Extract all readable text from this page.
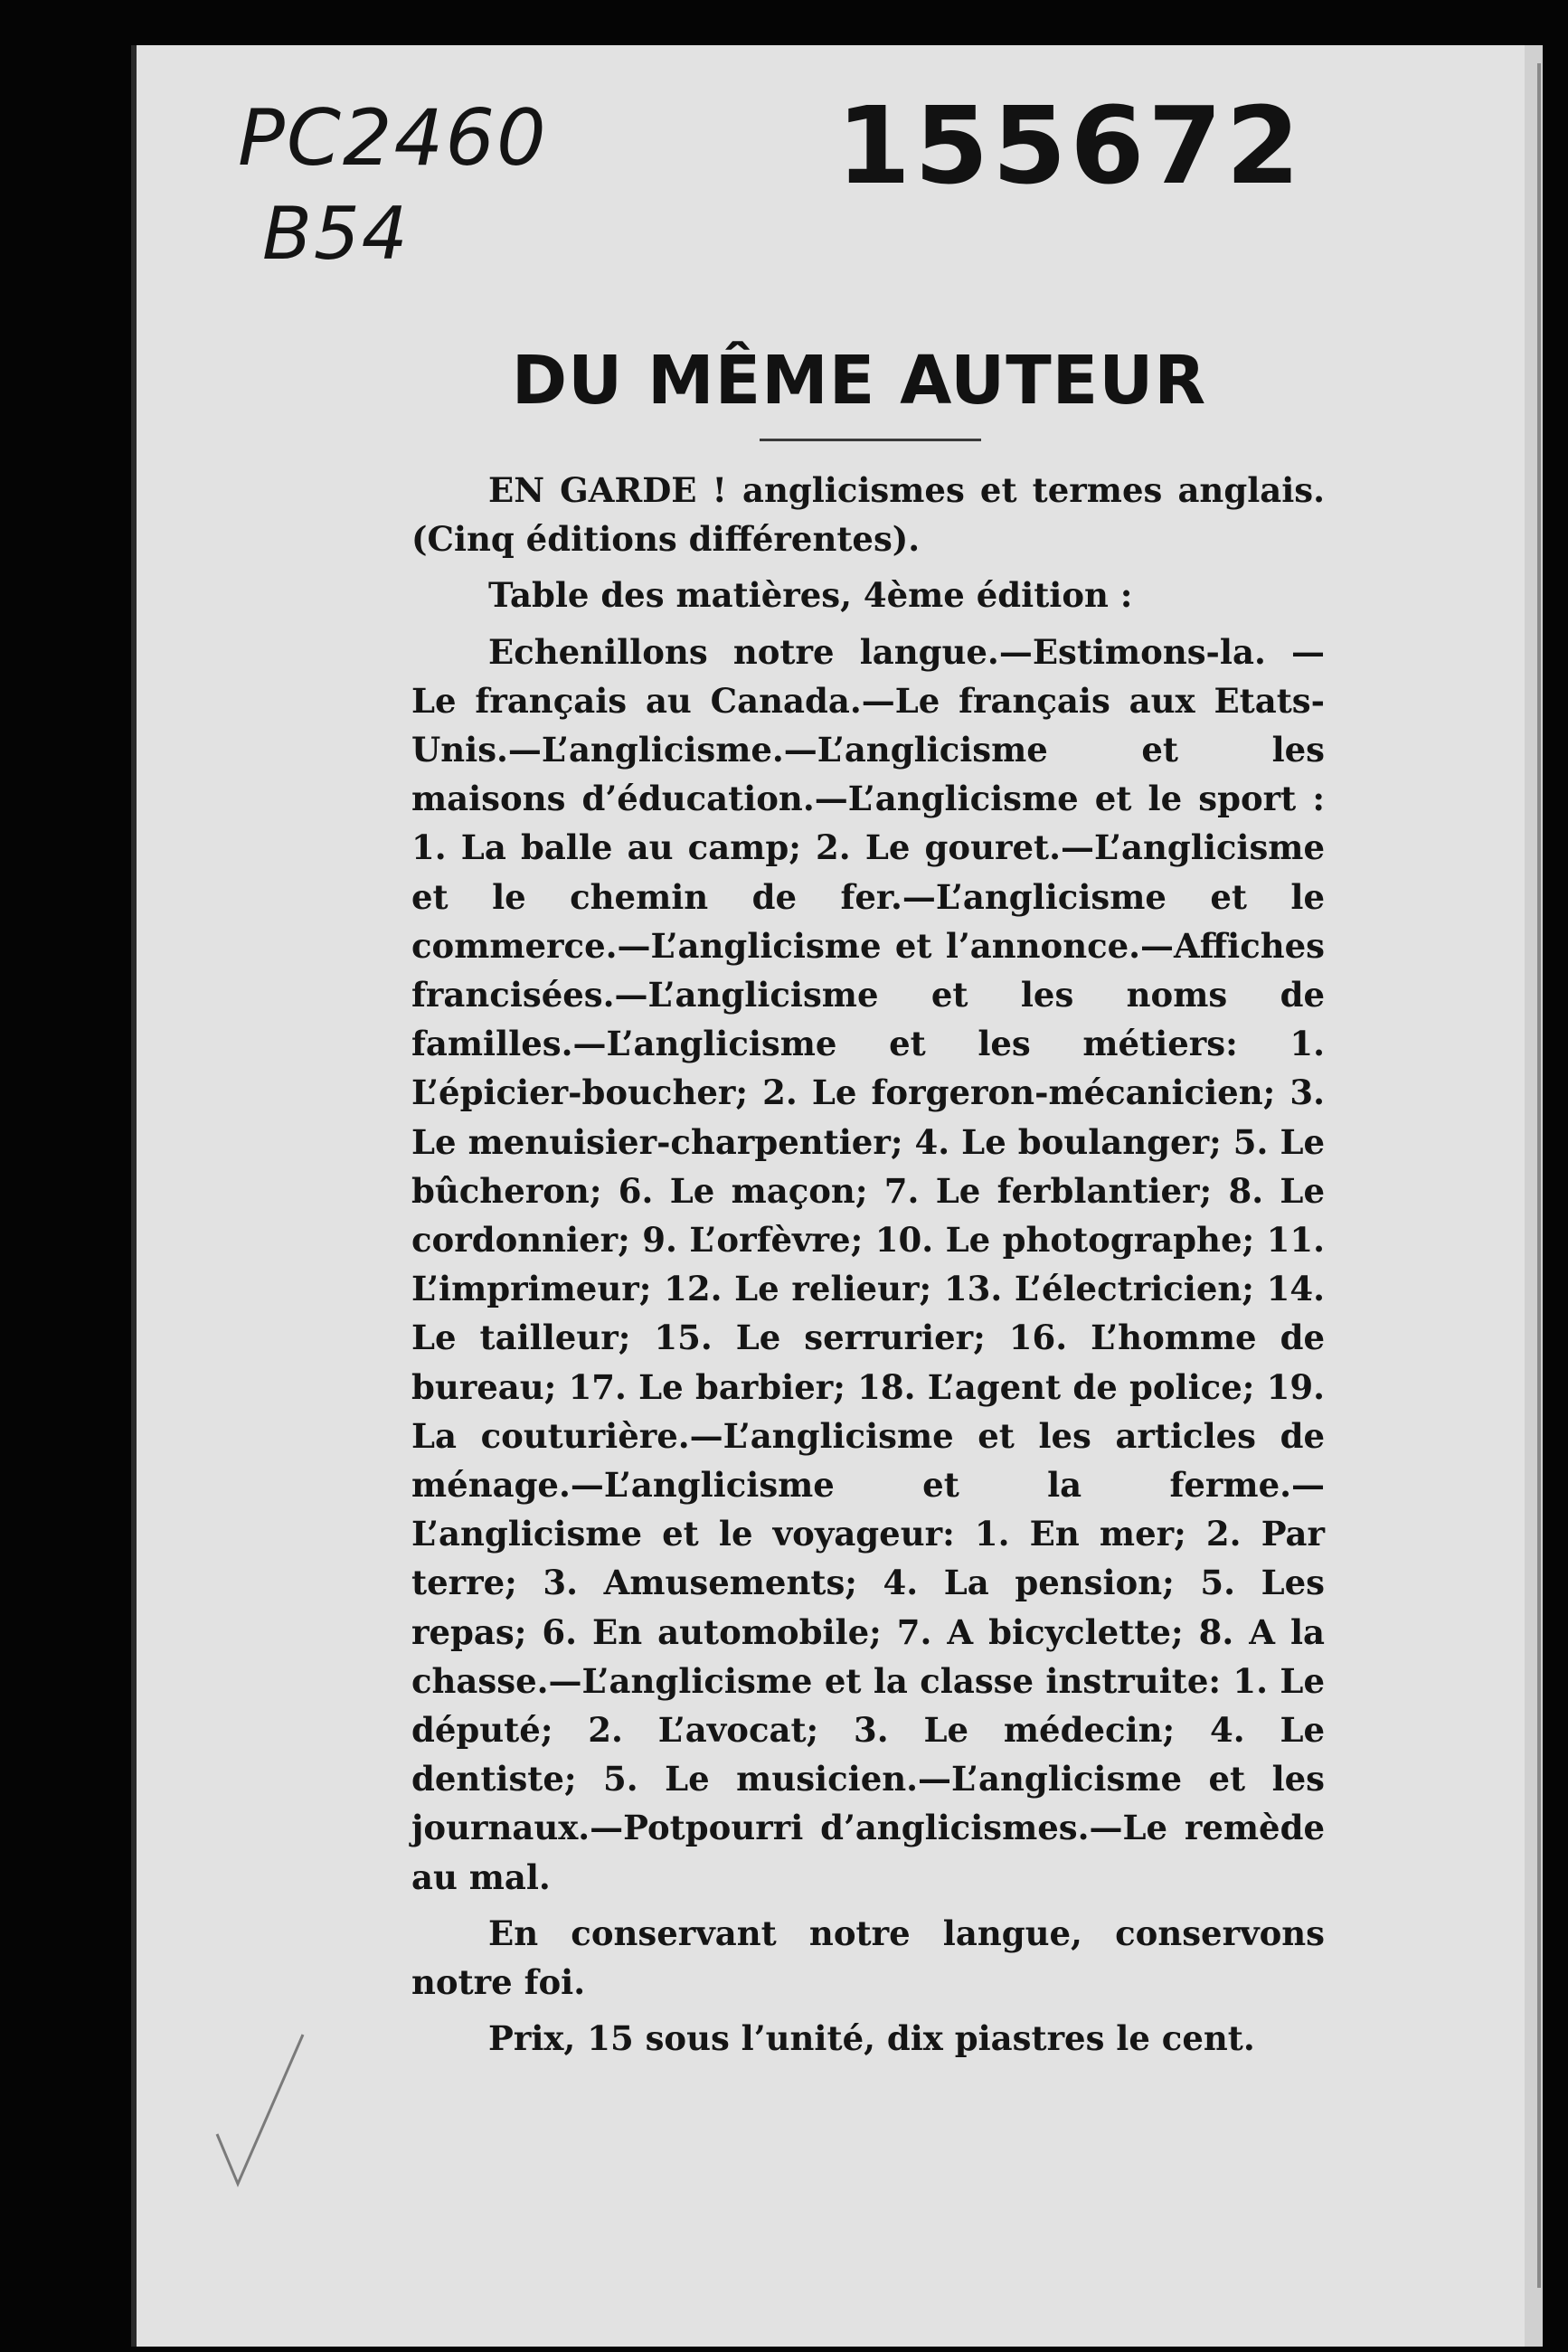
PC2460
B54
155672
DU MÊME AUTEUR

EN GARDE ! anglicismes et termes anglais. (Cinq éditions différentes).

Table des matières, 4ème édition :

Echenillons notre langue.—Estimons-la. —Le français au Canada.—Le français aux Etats-Unis.—L’anglicisme.—L’anglicisme et les maisons d’éducation.—L’anglicisme et le sport : 1. La balle au camp; 2. Le gouret.—L’anglicisme et le chemin de fer.—L’anglicisme et le commerce.—L’anglicisme et l’annonce.—Affiches francisées.—L’anglicisme et les noms de familles.—L’anglicisme et les métiers: 1. L’épicier-boucher; 2. Le forgeron-mécanicien; 3. Le menuisier-charpentier; 4. Le boulanger; 5. Le bûcheron; 6. Le maçon; 7. Le ferblantier; 8. Le cordonnier; 9. L’orfèvre; 10. Le photographe; 11. L’imprimeur; 12. Le relieur; 13. L’électricien; 14. Le tailleur; 15. Le serrurier; 16. L’homme de bureau; 17. Le barbier; 18. L’agent de police; 19. La couturière.—L’anglicisme et les articles de ménage.—L’anglicisme et la ferme.—L’anglicisme et le voyageur: 1. En mer; 2. Par terre; 3. Amusements; 4. La pension; 5. Les repas; 6. En automobile; 7. A bicyclette; 8. A la chasse.—L’anglicisme et la classe instruite: 1. Le député; 2. L’avocat; 3. Le médecin; 4. Le dentiste; 5. Le musicien.—L’anglicisme et les journaux.—Potpourri d’anglicismes.—Le remède au mal.

En conservant notre langue, conservons notre foi.

Prix, 15 sous l’unité, dix piastres le cent.
